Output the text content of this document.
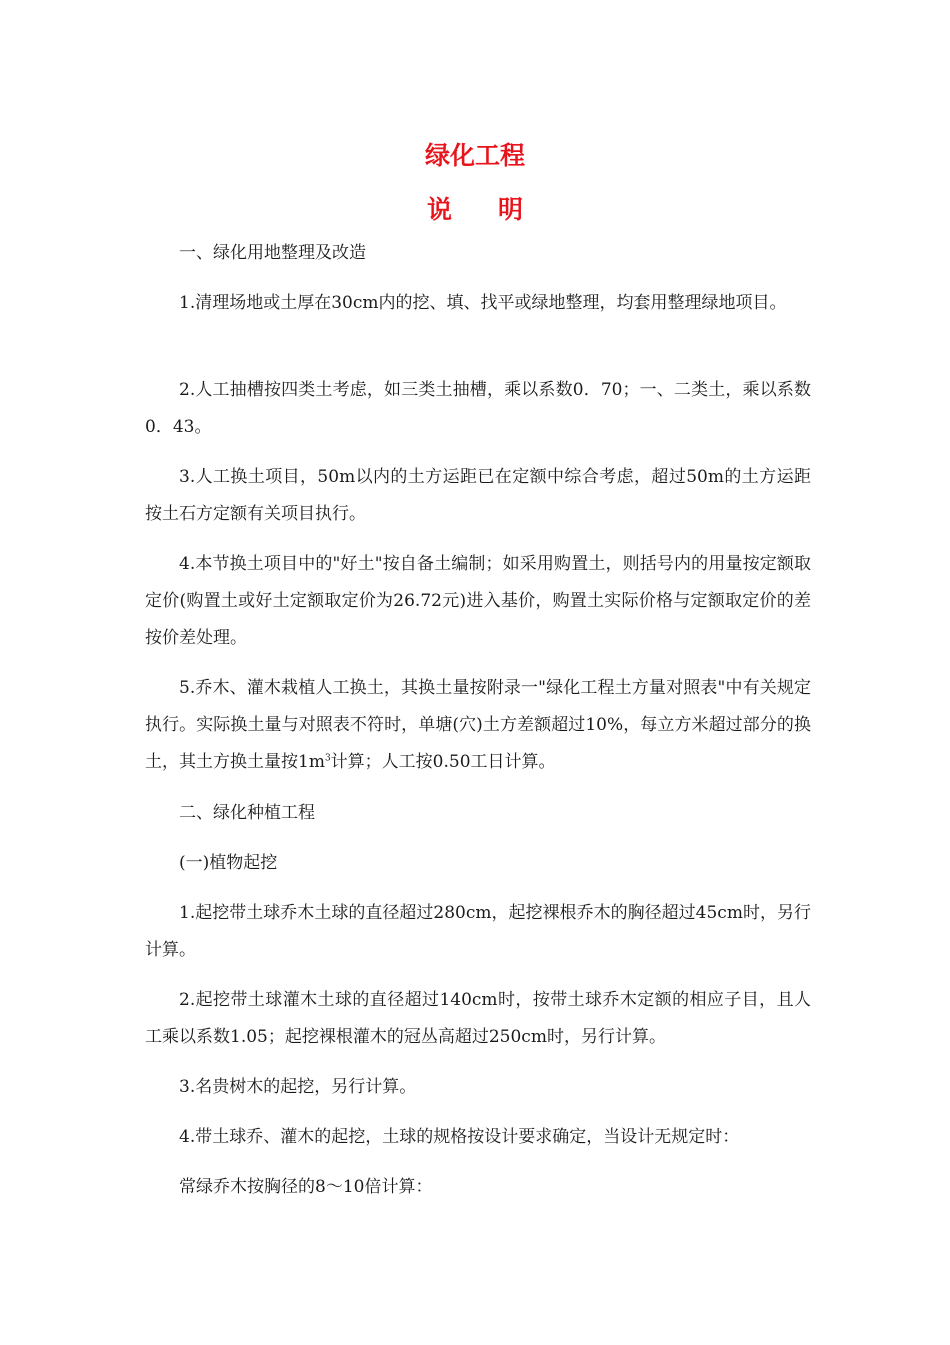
绿化工程
说明

一、绿化用地整理及改造

1.清理场地或土厚在30cm内的挖、填、找平或绿地整理，均套用整理绿地项目。

2.人工抽槽按四类土考虑，如三类土抽槽，乘以系数0．70；一、二类土，乘以系数0．43。

3.人工换土项目，50m以内的土方运距已在定额中综合考虑，超过50m的土方运距按土石方定额有关项目执行。

4.本节换土项目中的"好土"按自备土编制；如采用购置土，则括号内的用量按定额取定价(购置土或好土定额取定价为26.72元)进入基价，购置土实际价格与定额取定价的差按价差处理。

5.乔木、灌木栽植人工换土，其换土量按附录一"绿化工程土方量对照表"中有关规定执行。实际换土量与对照表不符时，单塘(穴)土方差额超过10%，每立方米超过部分的换土，其土方换土量按$1m^3$计算；人工按0.50工日计算。

二、绿化种植工程

(一)植物起挖

1.起挖带土球乔木土球的直径超过280cm，起挖裸根乔木的胸径超过45cm时，另行计算。

2.起挖带土球灌木土球的直径超过140cm时，按带土球乔木定额的相应子目，且人工乘以系数1.05；起挖裸根灌木的冠丛高超过250cm时，另行计算。

3.名贵树木的起挖，另行计算。

4.带土球乔、灌木的起挖，土球的规格按设计要求确定，当设计无规定时：

常绿乔木按胸径的8～10倍计算：
